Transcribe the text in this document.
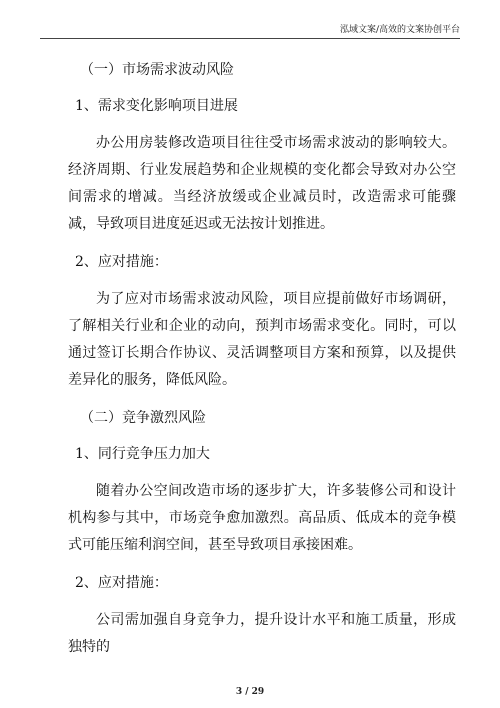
泓域文案/高效的文案协创平台

（一）市场需求波动风险

1、需求变化影响项目进展

办公用房装修改造项目往往受市场需求波动的影响较大。经济周期、行业发展趋势和企业规模的变化都会导致对办公空间需求的增减。当经济放缓或企业减员时，改造需求可能骤减，导致项目进度延迟或无法按计划推进。

2、应对措施：

为了应对市场需求波动风险，项目应提前做好市场调研，了解相关行业和企业的动向，预判市场需求变化。同时，可以通过签订长期合作协议、灵活调整项目方案和预算，以及提供差异化的服务，降低风险。

（二）竞争激烈风险

1、同行竞争压力加大

随着办公空间改造市场的逐步扩大，许多装修公司和设计机构参与其中，市场竞争愈加激烈。高品质、低成本的竞争模式可能压缩利润空间，甚至导致项目承接困难。

2、应对措施：

公司需加强自身竞争力，提升设计水平和施工质量，形成独特的

3 / 29
